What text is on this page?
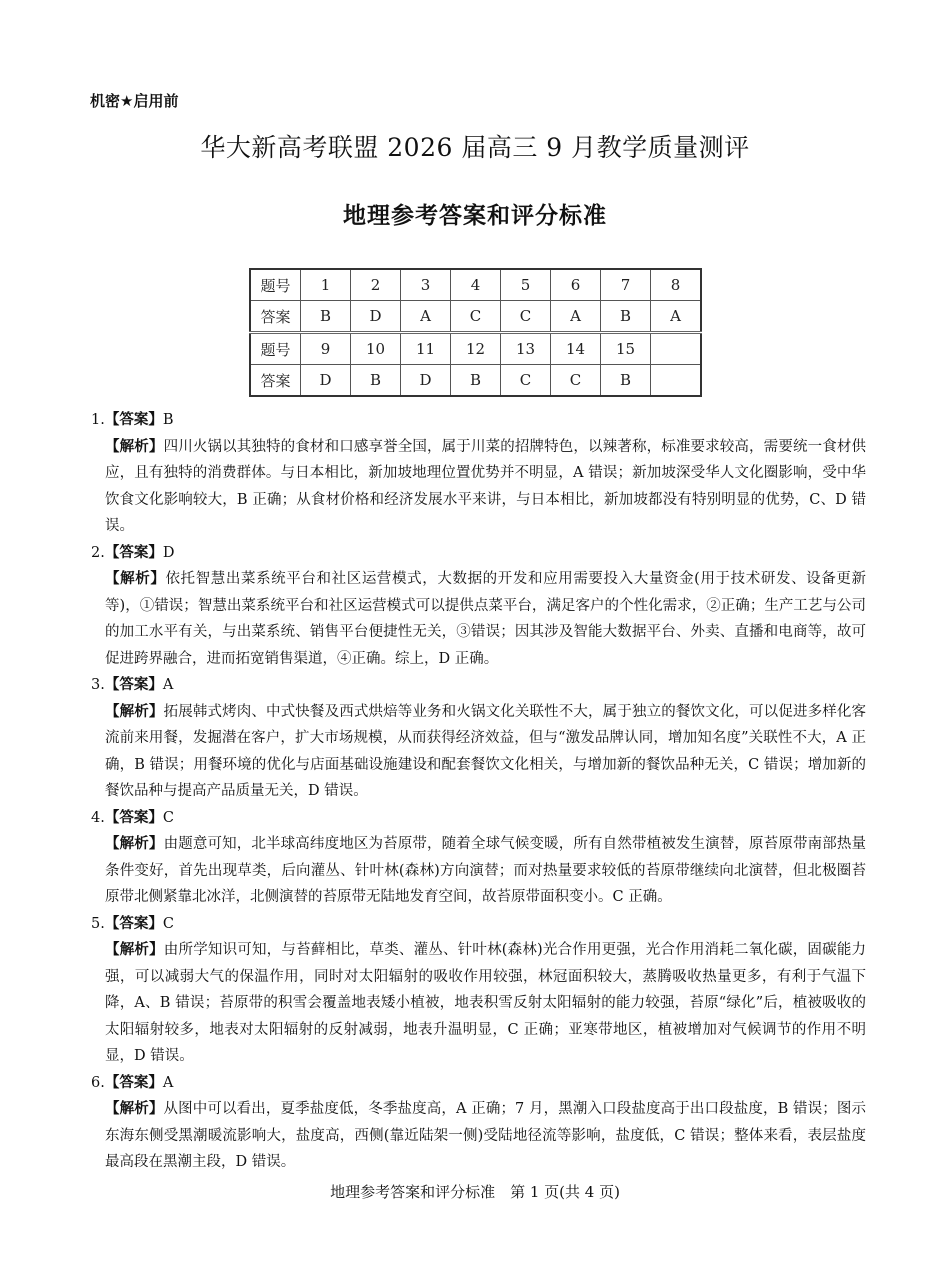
机密★启用前
华大新高考联盟 2026 届高三 9 月教学质量测评
地理参考答案和评分标准
题号	1	2	3	4	5	6	7	8
答案	B	D	A	C	C	A	B	A
题号	9	10	11	12	13	14	15	
答案	D	B	D	B	C	C	B	
1.【答案】B
【解析】四川火锅以其独特的食材和口感享誉全国，属于川菜的招牌特色，以辣著称，标准要求较高，需要统一食材供应，且有独特的消费群体。与日本相比，新加坡地理位置优势并不明显，A 错误；新加坡深受华人文化圈影响，受中华饮食文化影响较大，B 正确；从食材价格和经济发展水平来讲，与日本相比，新加坡都没有特别明显的优势，C、D 错误。
2.【答案】D
【解析】依托智慧出菜系统平台和社区运营模式，大数据的开发和应用需要投入大量资金(用于技术研发、设备更新等)，①错误；智慧出菜系统平台和社区运营模式可以提供点菜平台，满足客户的个性化需求，②正确；生产工艺与公司的加工水平有关，与出菜系统、销售平台便捷性无关，③错误；因其涉及智能大数据平台、外卖、直播和电商等，故可促进跨界融合，进而拓宽销售渠道，④正确。综上，D 正确。
3.【答案】A
【解析】拓展韩式烤肉、中式快餐及西式烘焙等业务和火锅文化关联性不大，属于独立的餐饮文化，可以促进多样化客流前来用餐，发掘潜在客户，扩大市场规模，从而获得经济效益，但与“激发品牌认同，增加知名度”关联性不大，A 正确，B 错误；用餐环境的优化与店面基础设施建设和配套餐饮文化相关，与增加新的餐饮品种无关，C 错误；增加新的餐饮品种与提高产品质量无关，D 错误。
4.【答案】C
【解析】由题意可知，北半球高纬度地区为苔原带，随着全球气候变暖，所有自然带植被发生演替，原苔原带南部热量条件变好，首先出现草类，后向灌丛、针叶林(森林)方向演替；而对热量要求较低的苔原带继续向北演替，但北极圈苔原带北侧紧靠北冰洋，北侧演替的苔原带无陆地发育空间，故苔原带面积变小。C 正确。
5.【答案】C
【解析】由所学知识可知，与苔藓相比，草类、灌丛、针叶林(森林)光合作用更强，光合作用消耗二氧化碳，固碳能力强，可以减弱大气的保温作用，同时对太阳辐射的吸收作用较强，林冠面积较大，蒸腾吸收热量更多，有利于气温下降，A、B 错误；苔原带的积雪会覆盖地表矮小植被，地表积雪反射太阳辐射的能力较强，苔原“绿化”后，植被吸收的太阳辐射较多，地表对太阳辐射的反射减弱，地表升温明显，C 正确；亚寒带地区，植被增加对气候调节的作用不明显，D 错误。
6.【答案】A
【解析】从图中可以看出，夏季盐度低，冬季盐度高，A 正确；7 月，黑潮入口段盐度高于出口段盐度，B 错误；图示东海东侧受黑潮暖流影响大，盐度高，西侧(靠近陆架一侧)受陆地径流等影响，盐度低，C 错误；整体来看，表层盐度最高段在黑潮主段，D 错误。
地理参考答案和评分标准　第 1 页(共 4 页)
